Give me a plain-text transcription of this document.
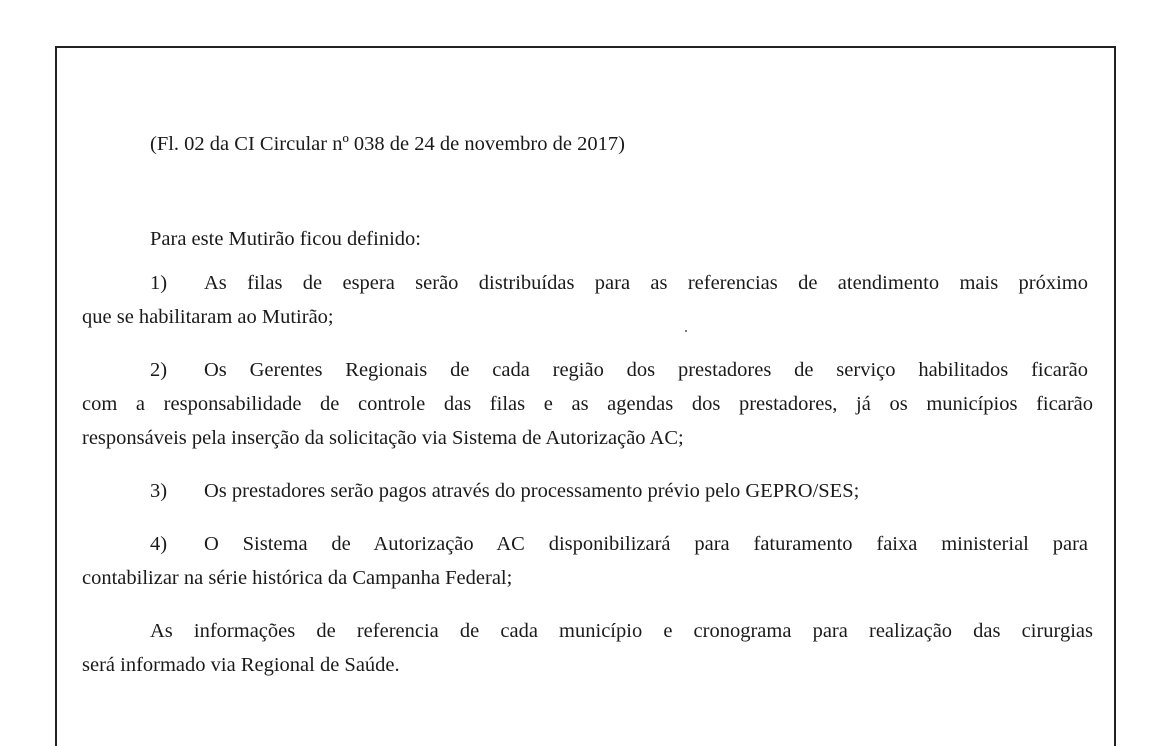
(Fl. 02 da CI Circular nº 038 de 24 de novembro de 2017)

Para este Mutirão ficou definido:

1) As filas de espera serão distribuídas para as referencias de atendimento mais próximo

que se habilitaram ao Mutirão;

2) Os Gerentes Regionais de cada região dos prestadores de serviço habilitados ficarão

com a responsabilidade de controle das filas e as agendas dos prestadores, já os municípios ficarão

responsáveis pela inserção da solicitação via Sistema de Autorização AC;

3) Os prestadores serão pagos através do processamento prévio pelo GEPRO/SES;

4) O Sistema de Autorização AC disponibilizará para faturamento faixa ministerial para

contabilizar na série histórica da Campanha Federal;

As informações de referencia de cada município e cronograma para realização das cirurgias

será informado via Regional de Saúde.
